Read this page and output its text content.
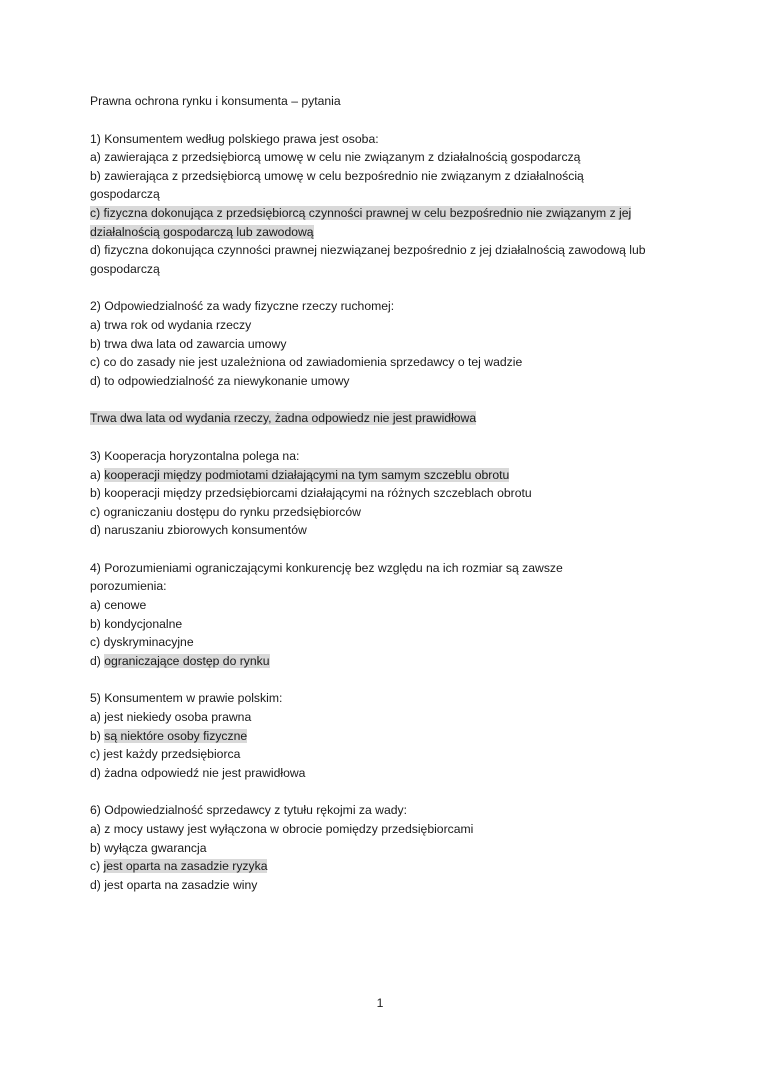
Prawna ochrona rynku i konsumenta – pytania
1) Konsumentem według polskiego prawa jest osoba:
a) zawierająca z przedsiębiorcą umowę w celu nie związanym z działalnością gospodarczą
b) zawierająca z przedsiębiorcą umowę w celu bezpośrednio nie związanym z działalnością gospodarczą
c) fizyczna dokonująca z przedsiębiorcą czynności prawnej w celu bezpośrednio nie związanym z jej działalnością gospodarczą lub zawodową
d) fizyczna dokonująca czynności prawnej niezwiązanej bezpośrednio z jej działalnością zawodową lub gospodarczą
2) Odpowiedzialność za wady fizyczne rzeczy ruchomej:
a) trwa rok od wydania rzeczy
b) trwa dwa lata od zawarcia umowy
c) co do zasady nie jest uzależniona od zawiadomienia sprzedawcy o tej wadzie
d) to odpowiedzialność za niewykonanie umowy
Trwa dwa lata od wydania rzeczy, żadna odpowiedz nie jest prawidłowa
3) Kooperacja horyzontalna polega na:
a) kooperacji między podmiotami działającymi na tym samym szczeblu obrotu
b) kooperacji między przedsiębiorcami działającymi na różnych szczeblach obrotu
c) ograniczaniu dostępu do rynku przedsiębiorców
d) naruszaniu zbiorowych konsumentów
4) Porozumieniami ograniczającymi konkurencję bez względu na ich rozmiar są zawsze
porozumienia:
a) cenowe
b) kondycjonalne
c) dyskryminacyjne
d) ograniczające dostęp do rynku
5) Konsumentem w prawie polskim:
a) jest niekiedy osoba prawna
b) są niektóre osoby fizyczne
c) jest każdy przedsiębiorca
d) żadna odpowiedź nie jest prawidłowa
6) Odpowiedzialność sprzedawcy z tytułu rękojmi za wady:
a) z mocy ustawy jest wyłączona w obrocie pomiędzy przedsiębiorcami
b) wyłącza gwarancja
c) jest oparta na zasadzie ryzyka
d) jest oparta na zasadzie winy
1
